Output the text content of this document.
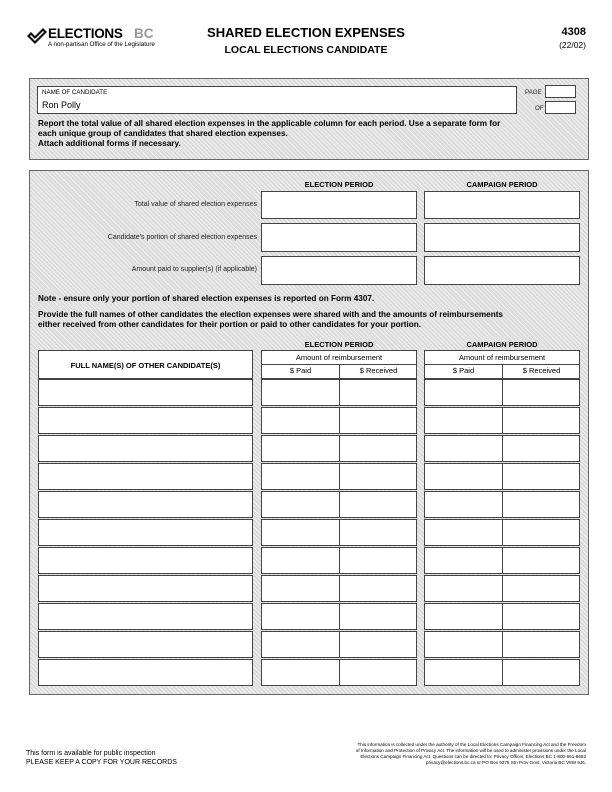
ELECTIONS BC
A non-partisan Office of the Legislature
SHARED ELECTION EXPENSES
LOCAL ELECTIONS CANDIDATE
4308
(22/02)
NAME OF CANDIDATE
Ron Polly
PAGE
OF
Report the total value of all shared election expenses in the applicable column for each period. Use a separate form for
each unique group of candidates that shared election expenses.
Attach additional forms if necessary.
ELECTION PERIOD	CAMPAIGN PERIOD
Total value of shared election expenses
Candidate's portion of shared election expenses
Amount paid to supplier(s) (if applicable)
Note - ensure only your portion of shared election expenses is reported on Form 4307.
Provide the full names of other candidates the election expenses were shared with and the amounts of reimbursements
either received from other candidates for their portion or paid to other candidates for your portion.
ELECTION PERIOD	CAMPAIGN PERIOD
FULL NAME(S) OF OTHER CANDIDATE(S)
Amount of reimbursement
$ Paid	$ Received
Amount of reimbursement
$ Paid	$ Received
This form is available for public inspection
PLEASE KEEP A COPY FOR YOUR RECORDS
This information is collected under the authority of the Local Elections Campaign Financing Act and the Freedom
of Information and Protection of Privacy Act. The information will be used to administer provisions under the Local
Elections Campaign Financing Act. Questions can be directed to: Privacy Officer, Elections BC 1-800-661-8683
privacy@elections.bc.ca or PO Box 9275 Stn Prov Govt, Victoria BC V8W 9J6.
